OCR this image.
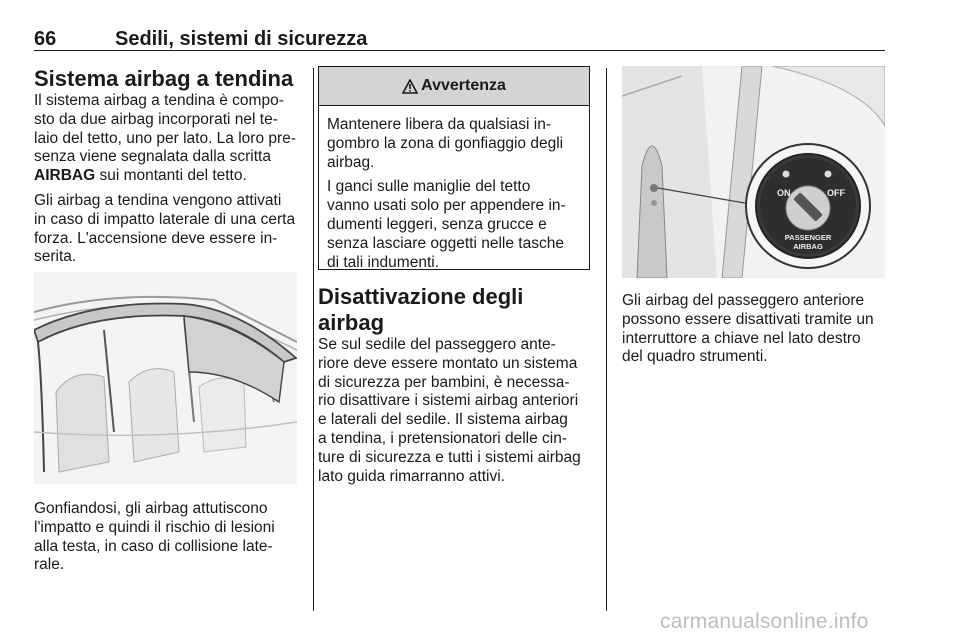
66	Sedili, sistemi di sicurezza
Sistema airbag a tendina

Il sistema airbag a tendina è compo-
sto da due airbag incorporati nel te-
laio del tetto, uno per lato. La loro pre-
senza viene segnalata dalla scritta
AIRBAG sui montanti del tetto.

Gli airbag a tendina vengono attivati
in caso di impatto laterale di una certa
forza. L'accensione deve essere in-
serita.

Gonfiandosi, gli airbag attutiscono
l'impatto e quindi il rischio di lesioni
alla testa, in caso di collisione late-
rale.

Avvertenza

Mantenere libera da qualsiasi in-
gombro la zona di gonfiaggio degli
airbag.

I ganci sulle maniglie del tetto
vanno usati solo per appendere in-
dumenti leggeri, senza grucce e
senza lasciare oggetti nelle tasche
di tali indumenti.

Disattivazione degli airbag

Se sul sedile del passeggero ante-
riore deve essere montato un sistema
di sicurezza per bambini, è necessa-
rio disattivare i sistemi airbag anteriori
e laterali del sedile. Il sistema airbag
a tendina, i pretensionatori delle cin-
ture di sicurezza e tutti i sistemi airbag
lato guida rimarranno attivi.

ON	OFF
PASSENGER
AIRBAG

Gli airbag del passeggero anteriore
possono essere disattivati tramite un
interruttore a chiave nel lato destro
del quadro strumenti.

carmanualsonline.info
